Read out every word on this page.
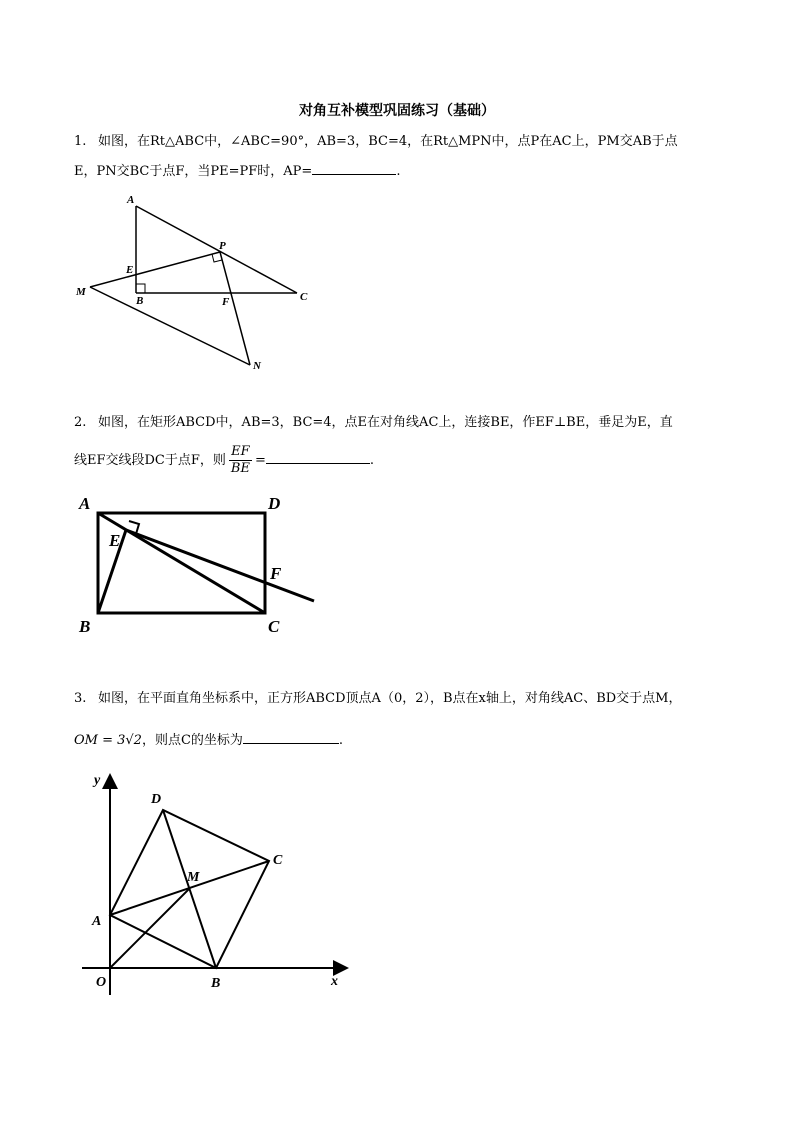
对角互补模型巩固练习（基础）
1. 如图，在Rt△ABC中，∠ABC=90°，AB=3，BC=4，在Rt△MPN中，点P在AC上，PM交AB于点
E，PN交BC于点F，当PE=PF时，AP=	.
A
P
E
M
B	F	C
N
2. 如图，在矩形ABCD中，AB=3，BC=4，点E在对角线AC上，连接BE，作EF⊥BE，垂足为E，直
线EF交线段DC于点F，则 $\frac{EF}{BE}$ =	.
A	D
E
F
B	C
3. 如图，在平面直角坐标系中，正方形ABCD顶点A（0，2），B点在x轴上，对角线AC、BD交于点M，
OM = 3√2，则点C的坐标为	.
y
x
D
C
M
A
O	B
